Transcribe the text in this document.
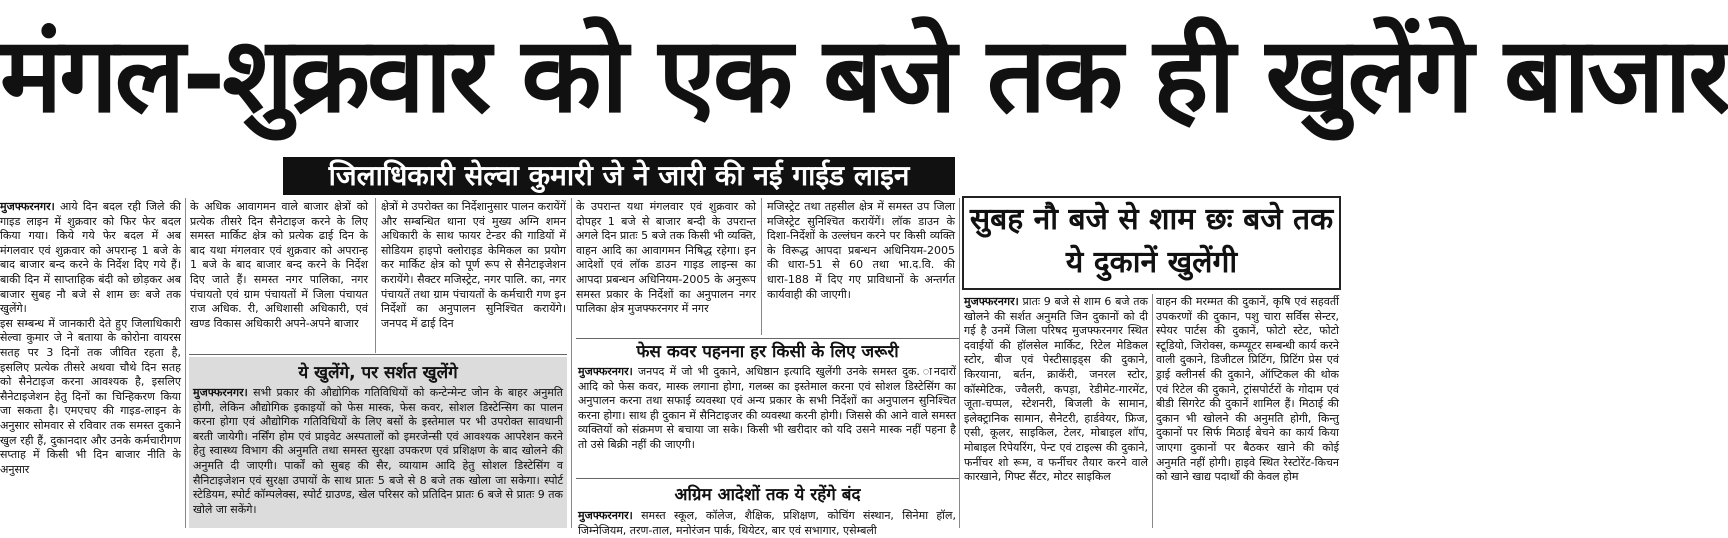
मंगल-शुक्रवार को एक बजे तक ही खुलेंगे बाजार
जिलाधिकारी सेल्वा कुमारी जे ने जारी की नई गाईड लाइन

मुजफ्फरनगर। आये दिन बदल रही जिले की गाइड लाइन में शुक्रवार को फिर फेर बदल किया गया। किये गये फेर बदल में अब मंगलवार एवं शुक्रवार को अपरान्ह 1 बजे के बाद बाजार बन्द करने के निर्देश दिए गये हैं। बाकी दिन में साप्ताहिक बंदी को छोड़कर अब बाजार सुबह नौ बजे से शाम छः बजे तक खुलेंगे।

इस सम्बन्ध में जानकारी देते हुए जिलाधिकारी सेल्वा कुमार जे ने बताया के कोरोना वायरस सतह पर 3 दिनों तक जीवित रहता है, इसलिए प्रत्येक तीसरे अथवा चौथे दिन सतह को सैनेटाइज करना आवश्यक है, इसलिए सैनेटाइजेशन हेतु दिनों का चिन्हिकरण किया जा सकता है। एमएचए की गाइड-लाइन के अनुसार सोमवार से रविवार तक समस्त दुकाने खुल रही हैं, दुकानदार और उनके कर्मचारीगण सप्ताह में किसी भी दिन बाजार नीति के अनुसार

के अधिक आवागमन वाले बाजार क्षेत्रों को प्रत्येक तीसरे दिन सैनेटाइज करने के लिए समस्त मार्किट क्षेत्र को प्रत्येक ढाई दिन के बाद यथा मंगलवार एवं शुक्रवार को अपरान्ह 1 बजे के बाद बाजार बन्द करने के निर्देश दिए जाते हैं। समस्त नगर पालिका, नगर पंचायतो एवं ग्राम पंचायतों में जिला पंचायत राज अधिक. री, अधिशासी अधिकारी, एवं खण्ड विकास अधिकारी अपने-अपने बाजार

क्षेत्रों मे उपरोक्त का निर्देशानुसार पालन करायेंगें और सम्बन्धित थाना एवं मुख्य अग्नि शमन अधिकारी के साथ फायर टेन्डर की गाडियों में सोडियम हाइपो क्लोराइड केमिकल का प्रयोग कर मार्किट क्षेत्र को पूर्ण रूप से सैनेटाइजेशन करायेंगे। सैक्टर मजिस्ट्रेट, नगर पालि. का, नगर पंचायतें तथा ग्राम पंचायतों के कर्मचारी गण इन निर्देशों का अनुपालन सुनिश्चित करायेंगे। जनपद में ढाई दिन

के उपरान्त यथा मंगलवार एवं शुक्रवार को दोपहर 1 बजे से बाजार बन्दी के उपरान्त अगले दिन प्रातः 5 बजे तक किसी भी व्यक्ति, वाहन आदि का आवागमन निषिद्ध रहेगा। इन आदेशों एवं लॉक डाउन गाइड लाइन्स का आपदा प्रबन्धन अधिनियम-2005 के अनुरूप समस्त प्रकार के निर्देशों का अनुपालन नगर पालिका क्षेत्र मुजफ्फरनगर में नगर

मजिस्ट्रेट तथा तहसील क्षेत्र में समस्त उप जिला मजिस्ट्रेट सुनिश्चित करायेंगें। लॉक डाउन के दिशा-निर्देशों के उल्लंघन करने पर किसी व्यक्ति के विरूद्ध आपदा प्रबन्धन अधिनियम-2005 की धारा-51 से 60 तथा भा.द.वि. की धारा-188 में दिए गए प्राविधानों के अन्तर्गत कार्यवाही की जाएगी।

ये खुलेंगे, पर सर्शत खुलेंगे

मुजफ्फरनगर। सभी प्रकार की औद्योगिक गतिविधियों को कन्टेन्मेन्ट जोन के बाहर अनुमति होगी, लेकिन औद्योगिक इकाइयों को फेस मास्क, फेस कवर, सोशल डिस्टेन्सिग का पालन करना होगा एवं औद्योगिक गतिविधियों के लिए बसों के इस्तेमाल पर भी उपरोक्त सावधानी बरती जायेगी। नर्सिंग होम एवं प्राइवेट अस्पतालों को इमरजेन्सी एवं आवश्यक आपरेशन करने हेतु स्वास्थ्य विभाग की अनुमति तथा समस्त सुरक्षा उपकरण एवं प्रशिक्षण के बाद खोलने की अनुमति दी जाएगी। पार्कों को सुबह की सैर, व्यायाम आदि हेतु सोशल डिस्टेसिंग व सैनिटाइजेशन एवं सुरक्षा उपायों के साथ प्रातः 5 बजे से 8 बजे तक खोला जा सकेगा। स्पोर्ट स्टेडियम, स्पोर्ट कॉम्पलेक्स, स्पोर्ट ग्राउण्ड, खेल परिसर को प्रतिदिन प्रातः 6 बजे से प्रातः 9 तक खोले जा सकेंगे।

फेस कवर पहनना हर किसी के लिए जरूरी

मुजफ्फरनगर। जनपद में जो भी दुकाने, अधिष्ठान इत्यादि खुलेंगी उनके समस्त दुक. ानदारों आदि को फेस कवर, मास्क लगाना होगा, गलब्स का इस्तेमाल करना एवं सोशल डिस्टेसिंग का अनुपालन करना तथा सफाई व्यवस्था एवं अन्य प्रकार के सभी निर्देशों का अनुपालन सुनिश्चित करना होगा। साथ ही दुकान में सैनिटाइजर की व्यवस्था करनी होगी। जिससे की आने वाले समस्त व्यक्तियों को संक्रमण से बचाया जा सके। किसी भी खरीदार को यदि उसने मास्क नहीं पहना है तो उसे बिक्री नहीं की जाएगी।

अग्रिम आदेशों तक ये रहेंगे बंद

मुजफ्फरनगर। समस्त स्कूल, कॉलेज, शैक्षिक, प्रशिक्षण, कोचिंग संस्थान, सिनेमा हॉल, जिम्नेजियम, तरण-ताल, मनोरंजन पार्क, थियेटर, बार एवं सभागार, एसेम्बली

सुबह नौ बजे से शाम छः बजे तक ये दुकानें खुलेंगी

मुजफ्फरनगर। प्रातः 9 बजे से शाम 6 बजे तक खोलने की सर्शत अनुमति जिन दुकानों को दी गई है उनमें जिला परिषद मुजफ्फरनगर स्थित दवाईयों की हॉलसेल मार्किट, रिटेल मेडिकल स्टोर, बीज एवं पेस्टीसाइड्स की दुकाने, किरयाना, बर्तन, क्राकॅरी, जनरल स्टोर, कॉस्मेटिक, ज्वैलरी, कपड़ा, रेडीमेट-गारमेंट, जूता-चप्पल, स्टेशनरी, बिजली के सामान, इलेक्ट्रानिक सामान, सैनेटरी, हार्डवेयर, फ्रिज, एसी, कूलर, साइकिल, टेलर, मोबाइल शॉप, मोबाइल रिपेयरिंग, पेन्ट एवं टाइल्स की दुकाने, फर्नीचर शो रूम, व फर्नीचर तैयार करने वाले कारखाने, गिफ्ट सैंटर, मोटर साइकिल

वाहन की मरम्मत की दुकानें, कृषि एवं सहवर्ती उपकरणों की दुकान, पशु चारा सर्विस सेन्टर, स्पेयर पार्टस की दुकानें, फोटो स्टेट, फोटो स्टूडियो, जिरोक्स, कम्प्यूटर सम्बन्धी कार्य करने वाली दुकाने, डिजीटल प्रिटिंग, प्रिटिंग प्रेस एवं ड्राई क्लीनर्स की दुकाने, ऑप्टिकल की थोक एवं रिटेल की दुकाने, ट्रांसपोर्टरों के गोदाम एवं बीडी सिगरेट की दुकानें शामिल हैं। मिठाई की दुकान भी खोलने की अनुमति होगी, किन्तु दुकानों पर सिर्फ मिठाई बेचने का कार्य किया जाएगा दुकानों पर बैठकर खाने की कोई अनुमति नहीं होगी। हाइवे स्थित रेस्टोरेंट-किचन को खाने खाद्य पदार्थों की केवल होम
